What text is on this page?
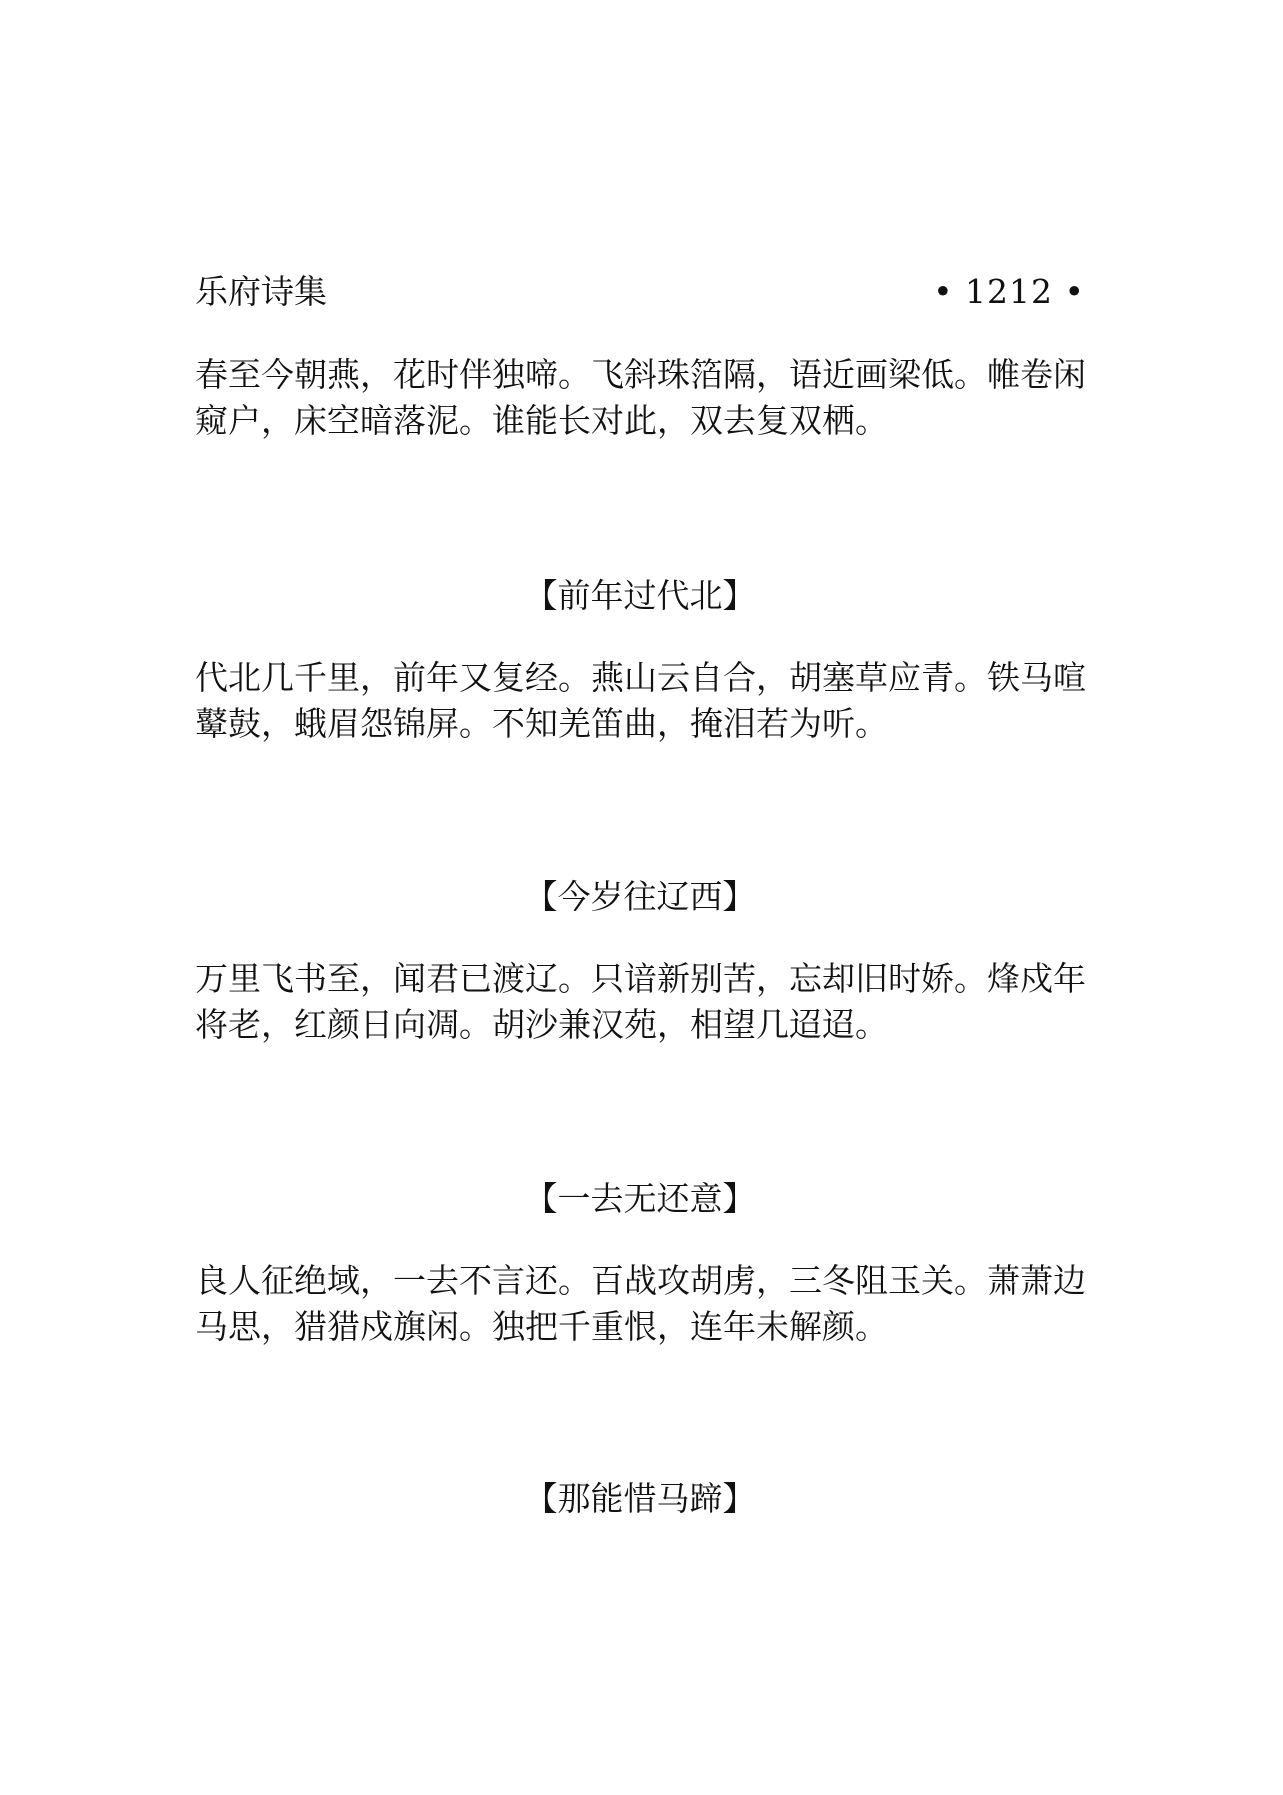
乐府诗集	• 1212 •

春至今朝燕，花时伴独啼。飞斜珠箔隔，语近画梁低。帷卷闲
窥户，床空暗落泥。谁能长对此，双去复双栖。

【前年过代北】

代北几千里，前年又复经。燕山云自合，胡塞草应青。铁马喧
鼙鼓，蛾眉怨锦屏。不知羌笛曲，掩泪若为听。

【今岁往辽西】

万里飞书至，闻君已渡辽。只谙新别苦，忘却旧时娇。烽戍年
将老，红颜日向凋。胡沙兼汉苑，相望几迢迢。

【一去无还意】

良人征绝域，一去不言还。百战攻胡虏，三冬阻玉关。萧萧边
马思，猎猎戍旗闲。独把千重恨，连年未解颜。

【那能惜马蹄】
